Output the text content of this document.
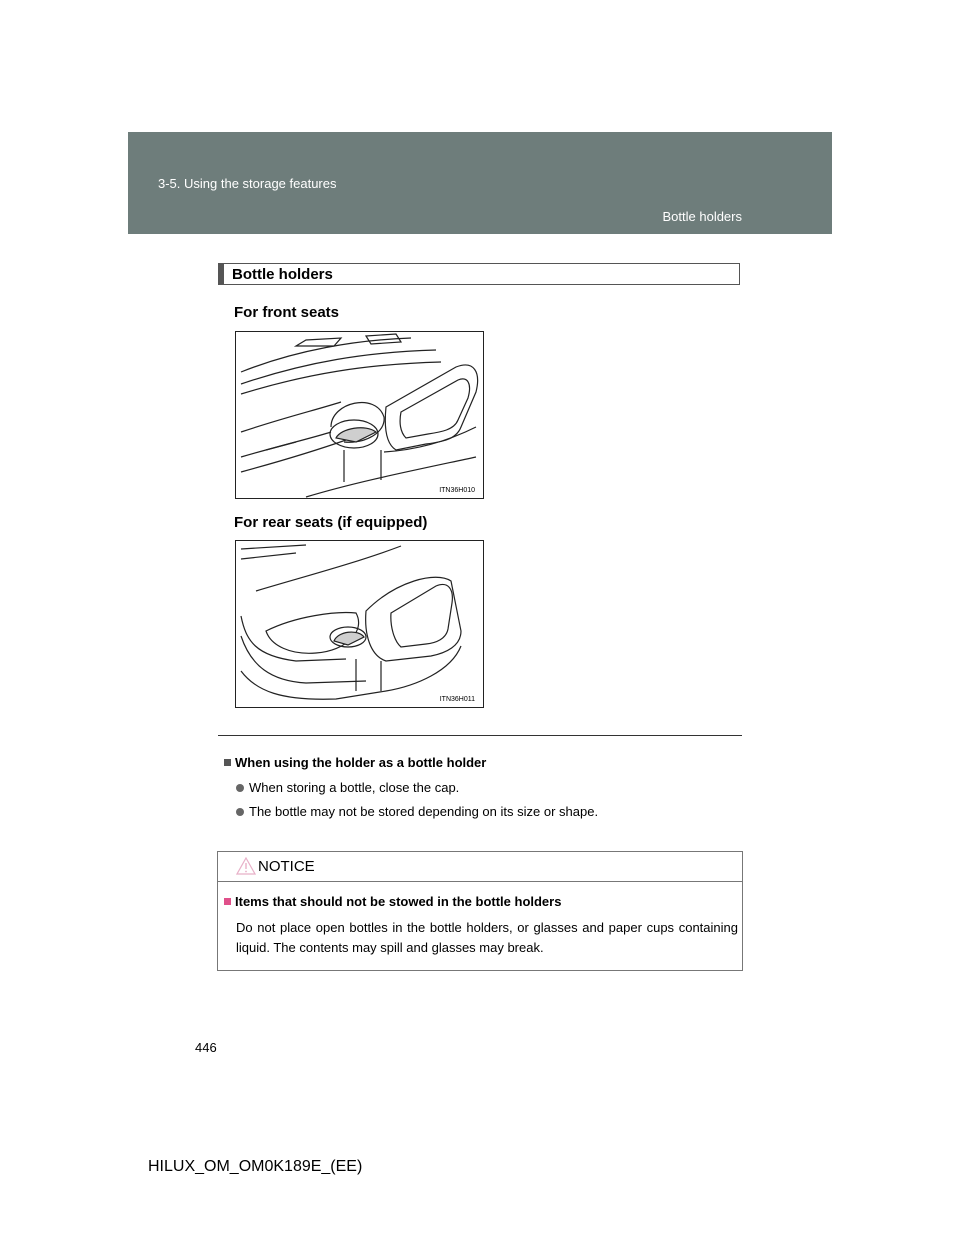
3-5. Using the storage features
Bottle holders
Bottle holders
For front seats
ITN36H010
For rear seats (if equipped)
ITN36H011
When using the holder as a bottle holder
When storing a bottle, close the cap.
The bottle may not be stored depending on its size or shape.
NOTICE
Items that should not be stowed in the bottle holders
Do not place open bottles in the bottle holders, or glasses and paper cups containing liquid. The contents may spill and glasses may break.
446
HILUX_OM_OM0K189E_(EE)
